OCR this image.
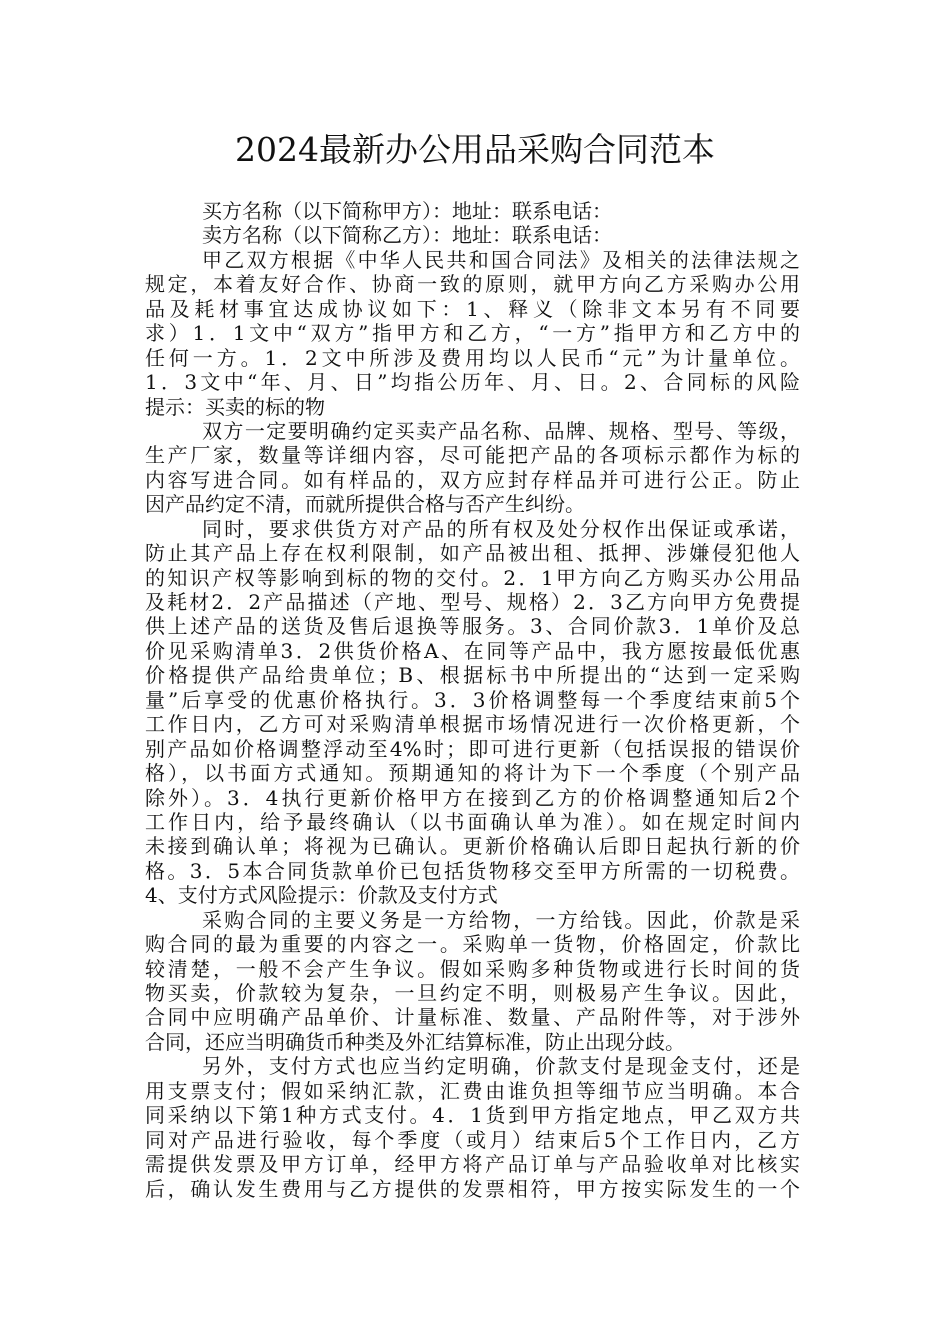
2024最新办公用品采购合同范本
买方名称（以下简称甲方）：地址：联系电话：
卖方名称（以下简称乙方）：地址：联系电话：
甲乙双方根据《中华人民共和国合同法》及相关的法律法规之
规定，本着友好合作、协商一致的原则，就甲方向乙方采购办公用
品及耗材事宜达成协议如下：1、释义（除非文本另有不同要
求）1．1文中“双方”指甲方和乙方，“一方”指甲方和乙方中的
任何一方。1．2文中所涉及费用均以人民币“元”为计量单位。
1．3文中“年、月、日”均指公历年、月、日。2、合同标的风险
提示：买卖的标的物
双方一定要明确约定买卖产品名称、品牌、规格、型号、等级，
生产厂家，数量等详细内容，尽可能把产品的各项标示都作为标的
内容写进合同。如有样品的，双方应封存样品并可进行公正。防止
因产品约定不清，而就所提供合格与否产生纠纷。
同时，要求供货方对产品的所有权及处分权作出保证或承诺，
防止其产品上存在权利限制，如产品被出租、抵押、涉嫌侵犯他人
的知识产权等影响到标的物的交付。2．1甲方向乙方购买办公用品
及耗材2．2产品描述（产地、型号、规格）2．3乙方向甲方免费提
供上述产品的送货及售后退换等服务。3、合同价款3．1单价及总
价见采购清单3．2供货价格A、在同等产品中，我方愿按最低优惠
价格提供产品给贵单位；B、根据标书中所提出的“达到一定采购
量”后享受的优惠价格执行。3．3价格调整每一个季度结束前5个
工作日内，乙方可对采购清单根据市场情况进行一次价格更新，个
别产品如价格调整浮动至4%时；即可进行更新（包括误报的错误价
格），以书面方式通知。预期通知的将计为下一个季度（个别产品
除外）。3．4执行更新价格甲方在接到乙方的价格调整通知后2个
工作日内，给予最终确认（以书面确认单为准）。如在规定时间内
未接到确认单；将视为已确认。更新价格确认后即日起执行新的价
格。3．5本合同货款单价已包括货物移交至甲方所需的一切税费。
4、支付方式风险提示：价款及支付方式
采购合同的主要义务是一方给物，一方给钱。因此，价款是采
购合同的最为重要的内容之一。采购单一货物，价格固定，价款比
较清楚，一般不会产生争议。假如采购多种货物或进行长时间的货
物买卖，价款较为复杂，一旦约定不明，则极易产生争议。因此，
合同中应明确产品单价、计量标准、数量、产品附件等，对于涉外
合同，还应当明确货币种类及外汇结算标准，防止出现分歧。
另外，支付方式也应当约定明确，价款支付是现金支付，还是
用支票支付；假如采纳汇款，汇费由谁负担等细节应当明确。本合
同采纳以下第1种方式支付。4．1货到甲方指定地点，甲乙双方共
同对产品进行验收，每个季度（或月）结束后5个工作日内，乙方
需提供发票及甲方订单，经甲方将产品订单与产品验收单对比核实
后，确认发生费用与乙方提供的发票相符，甲方按实际发生的一个
